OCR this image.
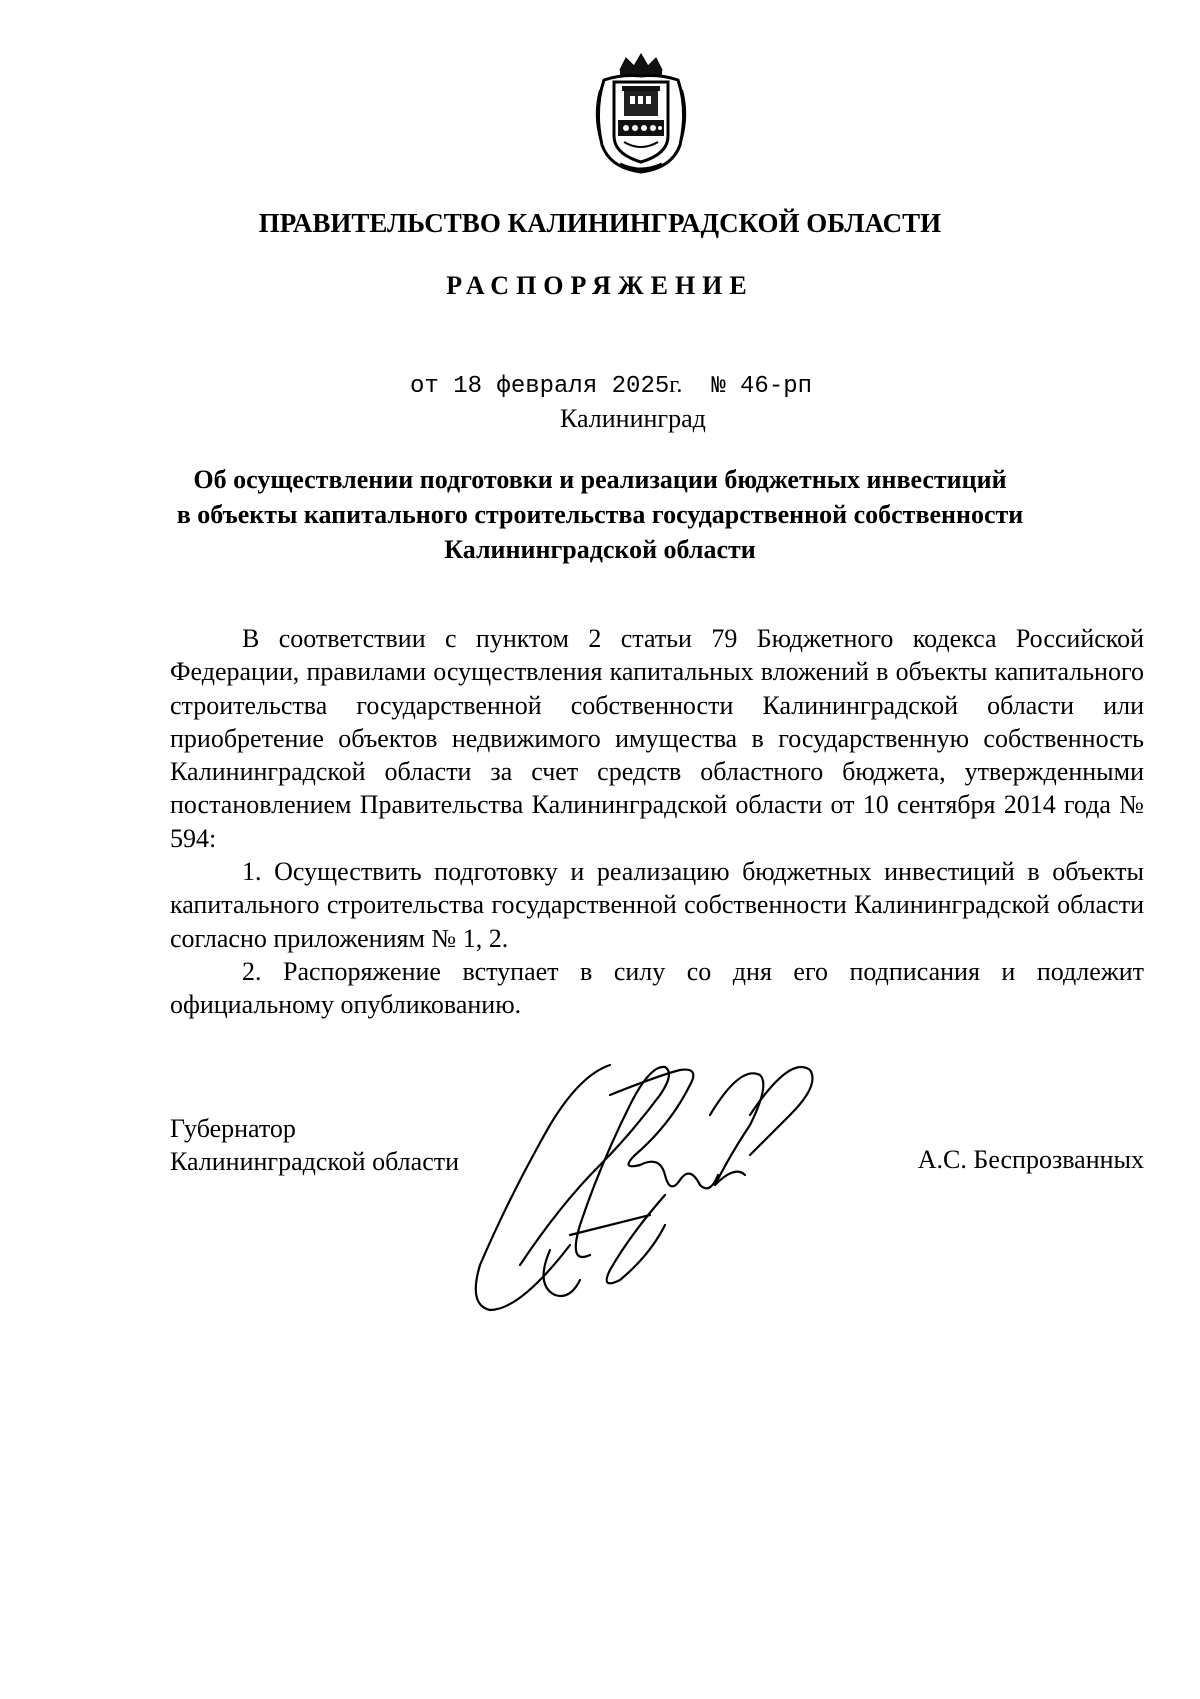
ПРАВИТЕЛЬСТВО КАЛИНИНГРАДСКОЙ ОБЛАСТИ
РАСПОРЯЖЕНИЕ
от 18 февраля 2025г. № 46-рп
Калининград
Об осуществлении подготовки и реализации бюджетных инвестиций
в объекты капитального строительства государственной собственности
Калининградской области

В соответствии с пунктом 2 статьи 79 Бюджетного кодекса Российской Федерации, правилами осуществления капитальных вложений в объекты капитального строительства государственной собственности Калининградской области или приобретение объектов недвижимого имущества в государственную собственность Калининградской области за счет средств областного бюджета, утвержденными постановлением Правительства Калининградской области от 10 сентября 2014 года № 594:

1. Осуществить подготовку и реализацию бюджетных инвестиций в объекты капитального строительства государственной собственности Калининградской области согласно приложениям № 1, 2.

2. Распоряжение вступает в силу со дня его подписания и подлежит официальному опубликованию.

Губернатор
Калининградской области	А.С. Беспрозванных
